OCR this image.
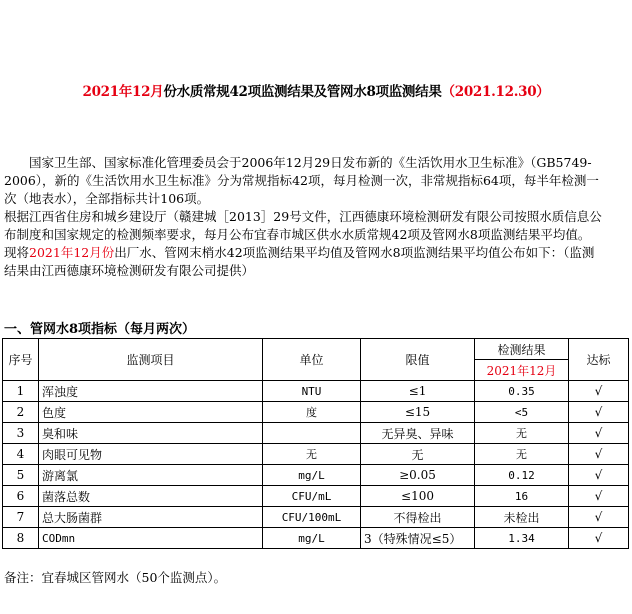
2021年12月份水质常规42项监测结果及管网水8项监测结果（2021.12.30）
　　国家卫生部、国家标准化管理委员会于2006年12月29日发布新的《生活饮用水卫生标准》（GB5749-
2006），新的《生活饮用水卫生标准》分为常规指标42项，每月检测一次，非常规指标64项，每半年检测一
次（地表水），全部指标共计106项。
根据江西省住房和城乡建设厅（赣建城［2013］29号文件，江西德康环境检测研发有限公司按照水质信息公
布制度和国家规定的检测频率要求，每月公布宜春市城区供水水质常规42项及管网水8项监测结果平均值。
现将2021年12月份出厂水、管网末梢水42项监测结果平均值及管网水8项监测结果平均值公布如下：（监测
结果由江西德康环境检测研发有限公司提供）
一、管网水8项指标（每月两次）
序号	监测项目	单位	限值	检测结果	达标
				2021年12月	
1	浑浊度	NTU	≤1	0.35	√
2	色度	度	≤15	<5	√
3	臭和味		无异臭、异味	无	√
4	肉眼可见物	无	无	无	√
5	游离氯	mg/L	≥0.05	0.12	√
6	菌落总数	CFU/mL	≤100	16	√
7	总大肠菌群	CFU/100mL	不得检出	未检出	√
8	CODmn	mg/L	3（特殊情况≤5）	1.34	√
备注：宜春城区管网水（50个监测点）。
